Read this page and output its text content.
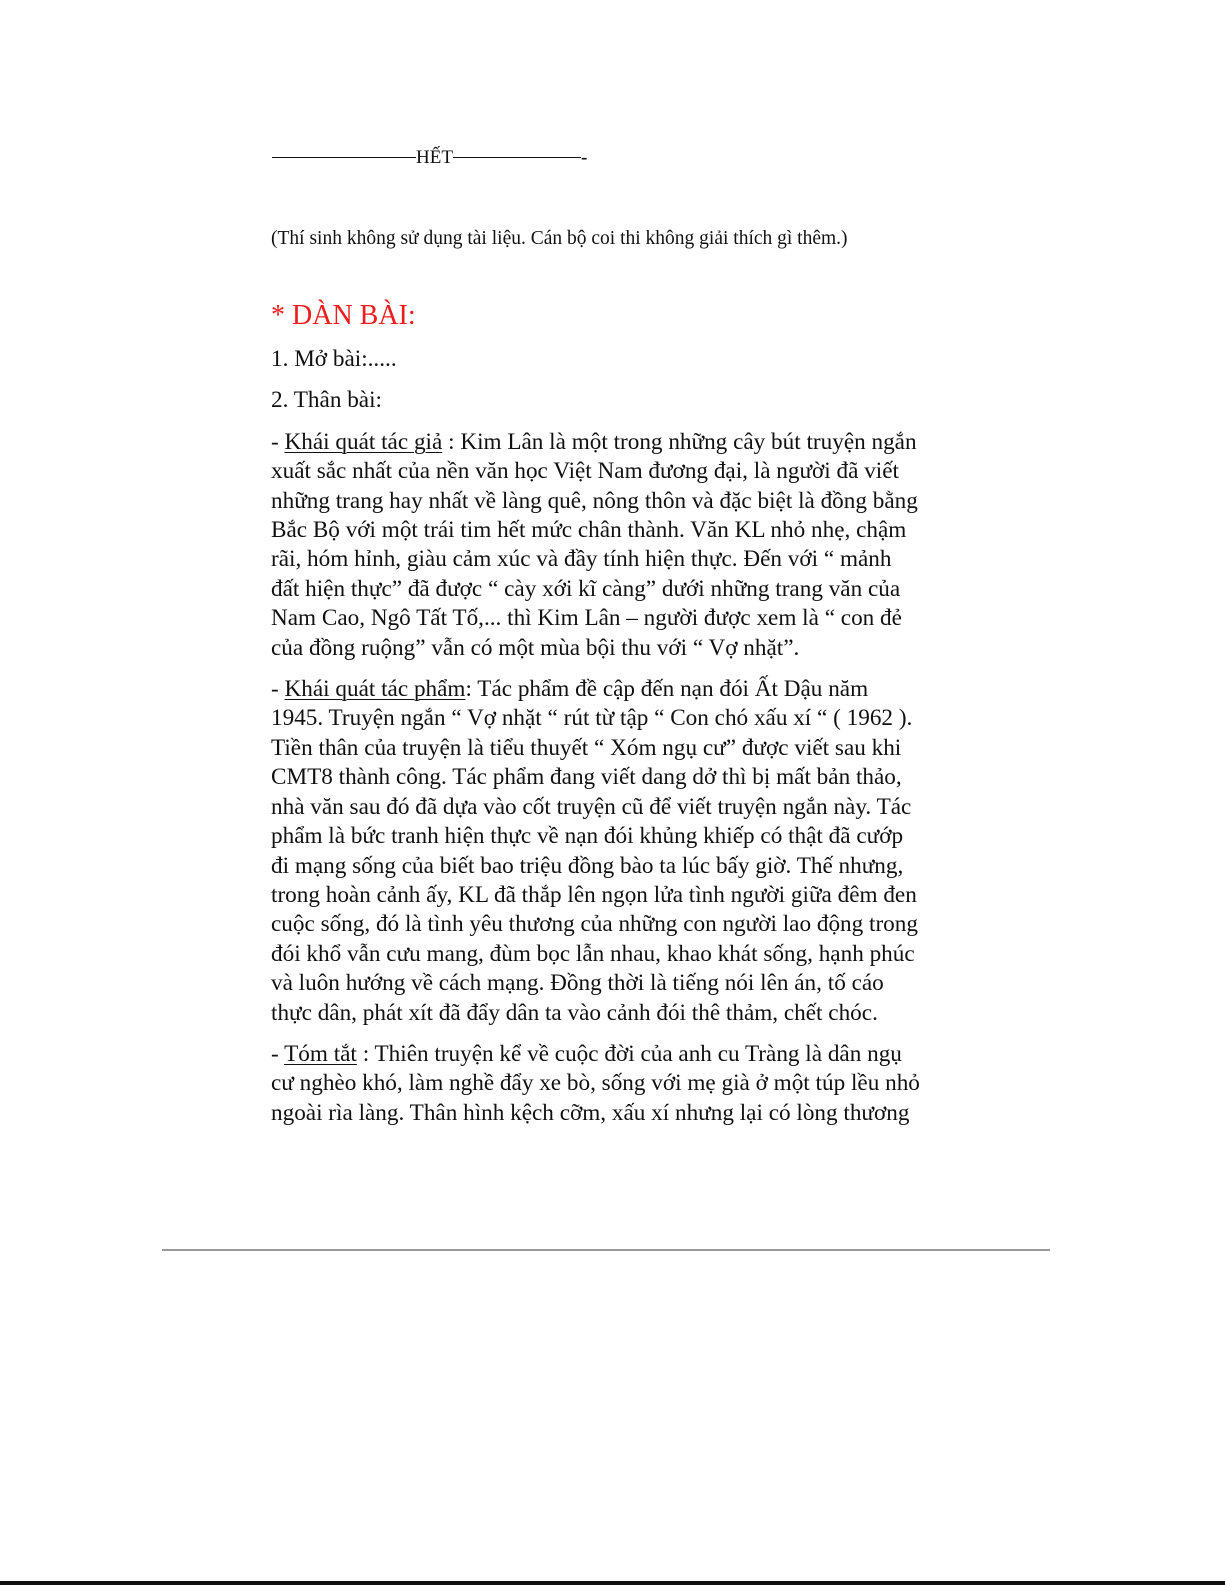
HẾT	-
(Thí sinh không sử dụng tài liệu. Cán bộ coi thi không giải thích gì thêm.)
* DÀN BÀI:

1. Mở bài:.....

2. Thân bài:

- Khái quát tác giả : Kim Lân là một trong những cây bút truyện ngắn
xuất sắc nhất của nền văn học Việt Nam đương đại, là người đã viết
những trang hay nhất về làng quê, nông thôn và đặc biệt là đồng bằng
Bắc Bộ với một trái tim hết mức chân thành. Văn KL nhỏ nhẹ, chậm
rãi, hóm hỉnh, giàu cảm xúc và đầy tính hiện thực. Đến với “ mảnh
đất hiện thực” đã được “ cày xới kĩ càng” dưới những trang văn của
Nam Cao, Ngô Tất Tố,... thì Kim Lân – người được xem là “ con đẻ
của đồng ruộng” vẫn có một mùa bội thu với “ Vợ nhặt”.

- Khái quát tác phẩm: Tác phẩm đề cập đến nạn đói Ất Dậu năm
1945. Truyện ngắn “ Vợ nhặt “ rút từ tập “ Con chó xấu xí “ ( 1962 ).
Tiền thân của truyện là tiểu thuyết “ Xóm ngụ cư” được viết sau khi
CMT8 thành công. Tác phẩm đang viết dang dở thì bị mất bản thảo,
nhà văn sau đó đã dựa vào cốt truyện cũ để viết truyện ngắn này. Tác
phẩm là bức tranh hiện thực về nạn đói khủng khiếp có thật đã cướp
đi mạng sống của biết bao triệu đồng bào ta lúc bấy giờ. Thế nhưng,
trong hoàn cảnh ấy, KL đã thắp lên ngọn lửa tình người giữa đêm đen
cuộc sống, đó là tình yêu thương của những con người lao động trong
đói khổ vẫn cưu mang, đùm bọc lẫn nhau, khao khát sống, hạnh phúc
và luôn hướng về cách mạng. Đồng thời là tiếng nói lên án, tố cáo
thực dân, phát xít đã đẩy dân ta vào cảnh đói thê thảm, chết chóc.

- Tóm tắt : Thiên truyện kể về cuộc đời của anh cu Tràng là dân ngụ
cư nghèo khó, làm nghề đẩy xe bò, sống với mẹ già ở một túp lều nhỏ
ngoài rìa làng. Thân hình kệch cỡm, xấu xí nhưng lại có lòng thương
